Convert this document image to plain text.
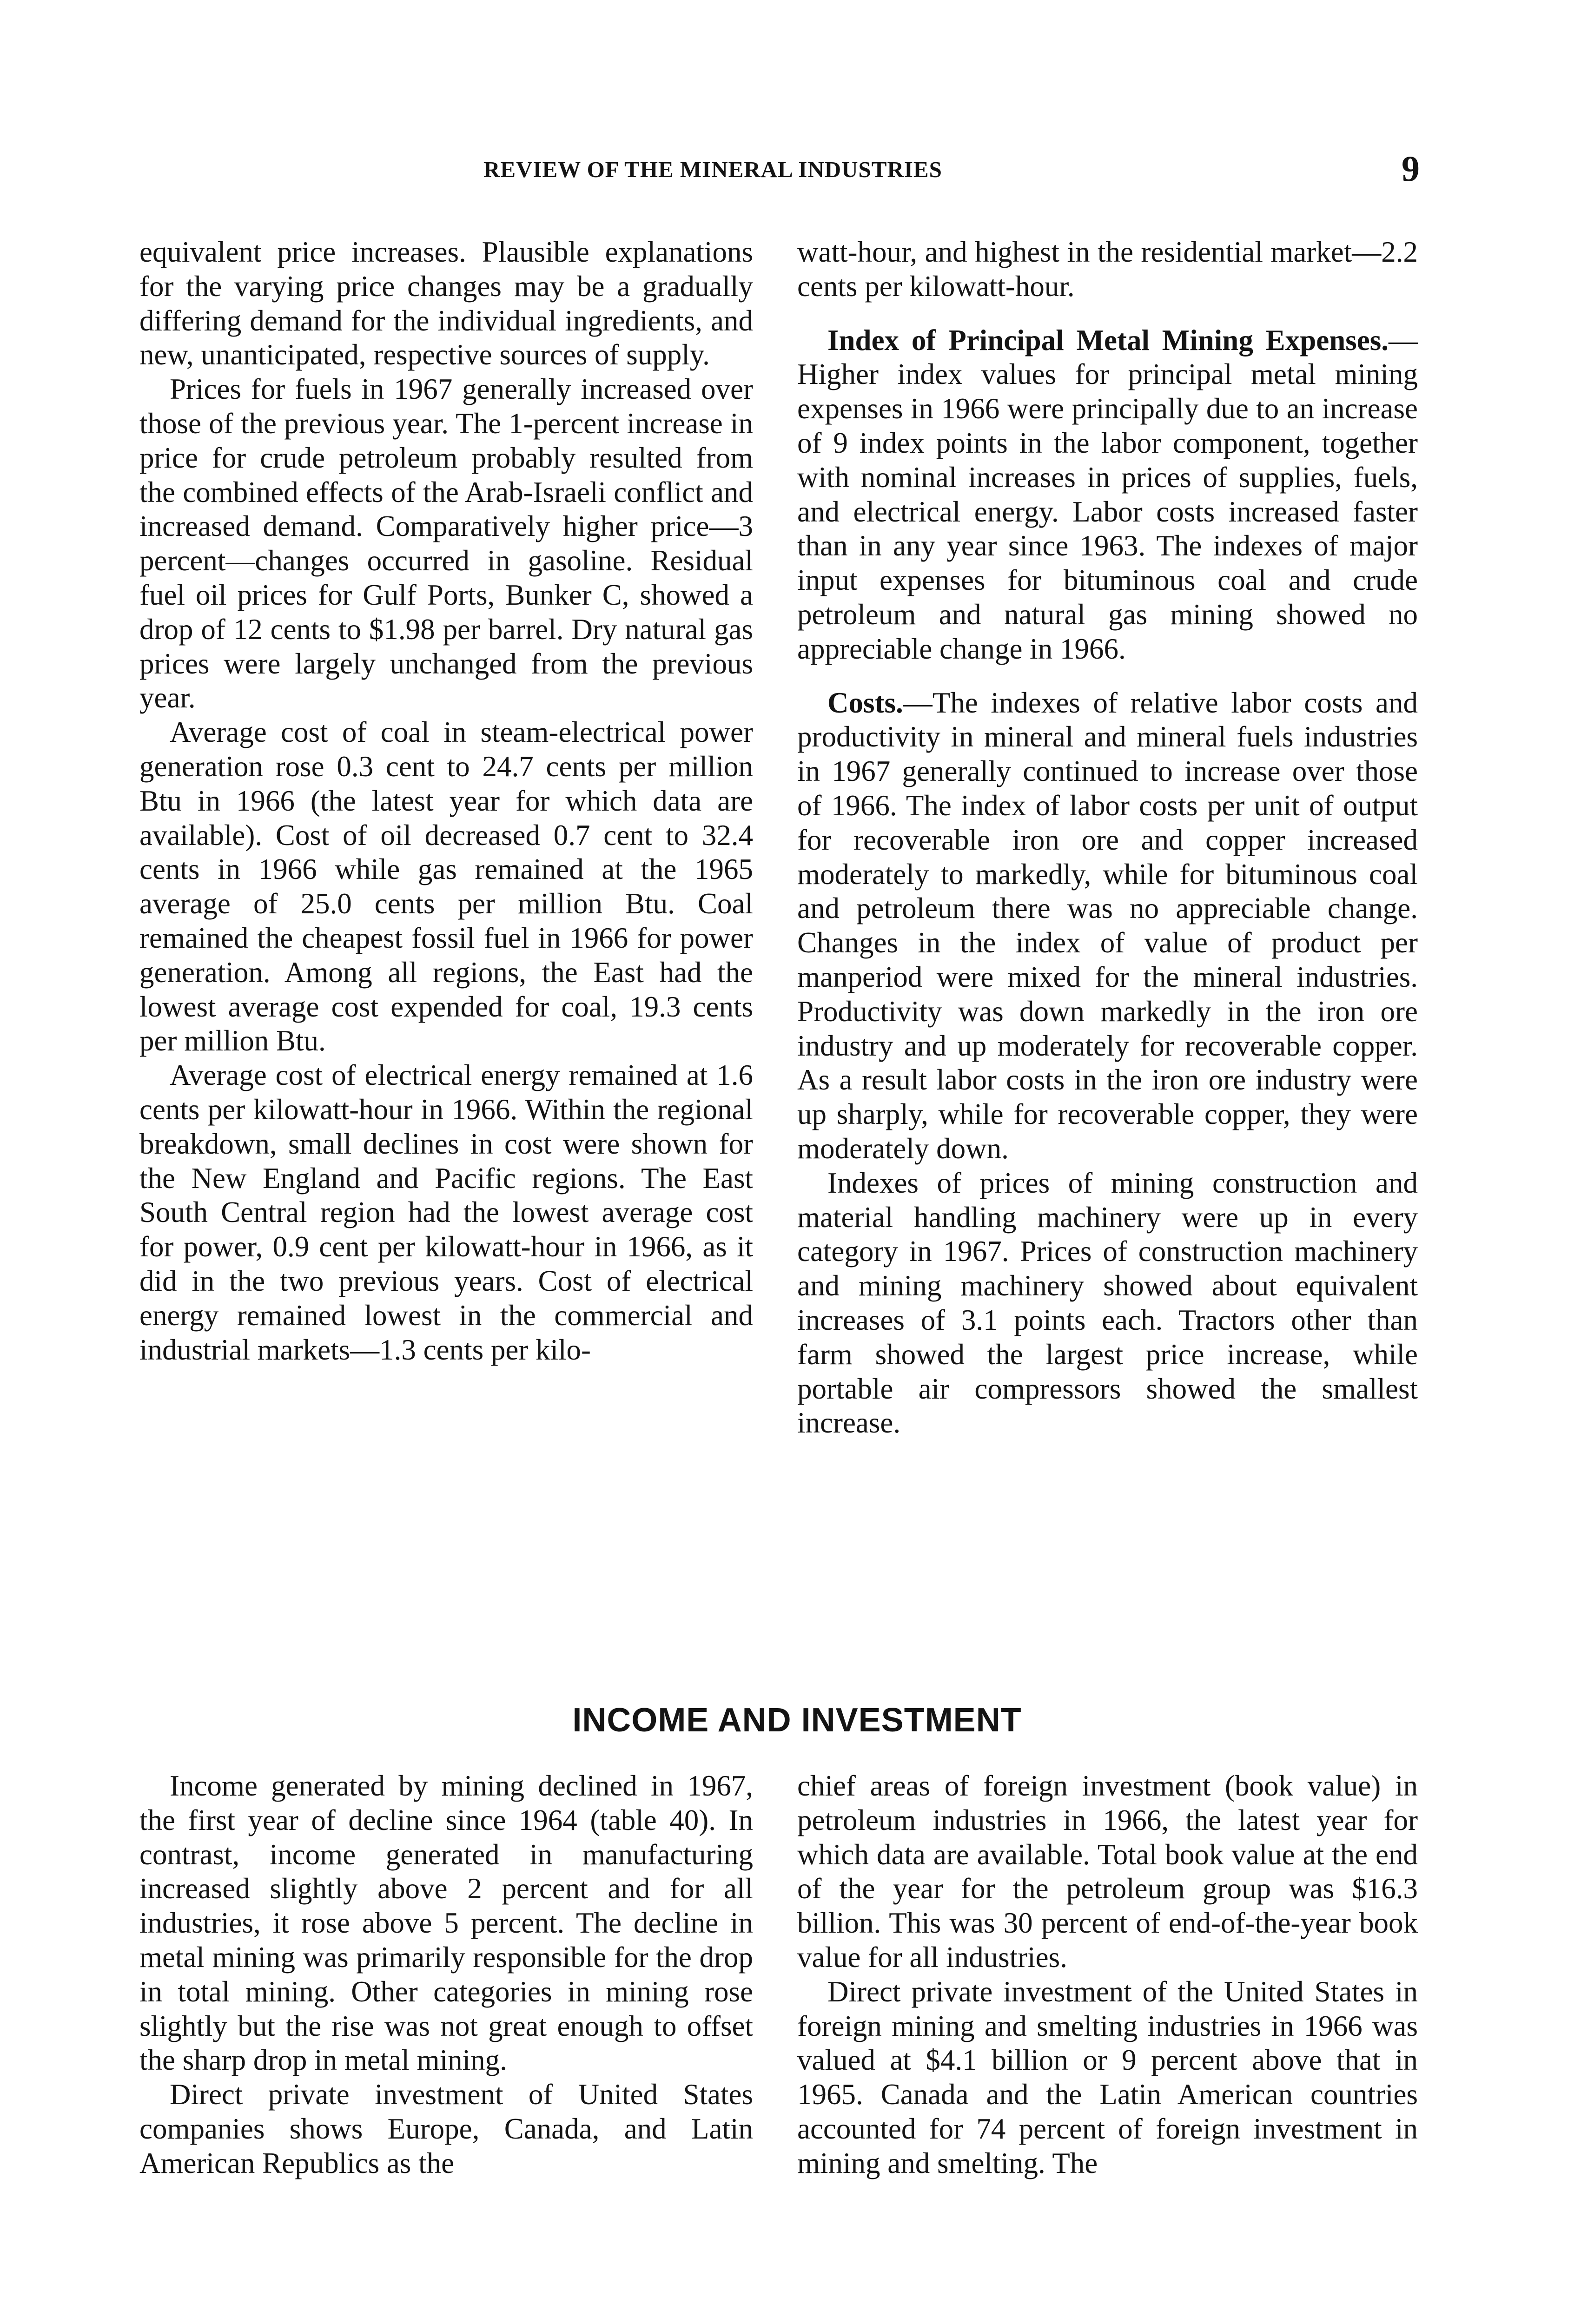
REVIEW OF THE MINERAL INDUSTRIES	9

equivalent price increases. Plausible explanations for the varying price changes may be a gradually differing demand for the individual ingredients, and new, unanticipated, respective sources of supply.

Prices for fuels in 1967 generally increased over those of the previous year. The 1-percent increase in price for crude petroleum probably resulted from the combined effects of the Arab-Israeli conflict and increased demand. Comparatively higher price—3 percent—changes occurred in gasoline. Residual fuel oil prices for Gulf Ports, Bunker C, showed a drop of 12 cents to $1.98 per barrel. Dry natural gas prices were largely unchanged from the previous year.

Average cost of coal in steam-electrical power generation rose 0.3 cent to 24.7 cents per million Btu in 1966 (the latest year for which data are available). Cost of oil decreased 0.7 cent to 32.4 cents in 1966 while gas remained at the 1965 average of 25.0 cents per million Btu. Coal remained the cheapest fossil fuel in 1966 for power generation. Among all regions, the East had the lowest average cost expended for coal, 19.3 cents per million Btu.

Average cost of electrical energy remained at 1.6 cents per kilowatt-hour in 1966. Within the regional breakdown, small declines in cost were shown for the New England and Pacific regions. The East South Central region had the lowest average cost for power, 0.9 cent per kilowatt-hour in 1966, as it did in the two previous years. Cost of electrical energy remained lowest in the commercial and industrial markets—1.3 cents per kilo-

watt-hour, and highest in the residential market—2.2 cents per kilowatt-hour.

Index of Principal Metal Mining Expenses.—Higher index values for principal metal mining expenses in 1966 were principally due to an increase of 9 index points in the labor component, together with nominal increases in prices of supplies, fuels, and electrical energy. Labor costs increased faster than in any year since 1963. The indexes of major input expenses for bituminous coal and crude petroleum and natural gas mining showed no appreciable change in 1966.

Costs.—The indexes of relative labor costs and productivity in mineral and mineral fuels industries in 1967 generally continued to increase over those of 1966. The index of labor costs per unit of output for recoverable iron ore and copper increased moderately to markedly, while for bituminous coal and petroleum there was no appreciable change. Changes in the index of value of product per manperiod were mixed for the mineral industries. Productivity was down markedly in the iron ore industry and up moderately for recoverable copper. As a result labor costs in the iron ore industry were up sharply, while for recoverable copper, they were moderately down.

Indexes of prices of mining construction and material handling machinery were up in every category in 1967. Prices of construction machinery and mining machinery showed about equivalent increases of 3.1 points each. Tractors other than farm showed the largest price increase, while portable air compressors showed the smallest increase.

INCOME AND INVESTMENT

Income generated by mining declined in 1967, the first year of decline since 1964 (table 40). In contrast, income generated in manufacturing increased slightly above 2 percent and for all industries, it rose above 5 percent. The decline in metal mining was primarily responsible for the drop in total mining. Other categories in mining rose slightly but the rise was not great enough to offset the sharp drop in metal mining.

Direct private investment of United States companies shows Europe, Canada, and Latin American Republics as the

chief areas of foreign investment (book value) in petroleum industries in 1966, the latest year for which data are available. Total book value at the end of the year for the petroleum group was $16.3 billion. This was 30 percent of end-of-the-year book value for all industries.

Direct private investment of the United States in foreign mining and smelting industries in 1966 was valued at $4.1 billion or 9 percent above that in 1965. Canada and the Latin American countries accounted for 74 percent of foreign investment in mining and smelting. The
